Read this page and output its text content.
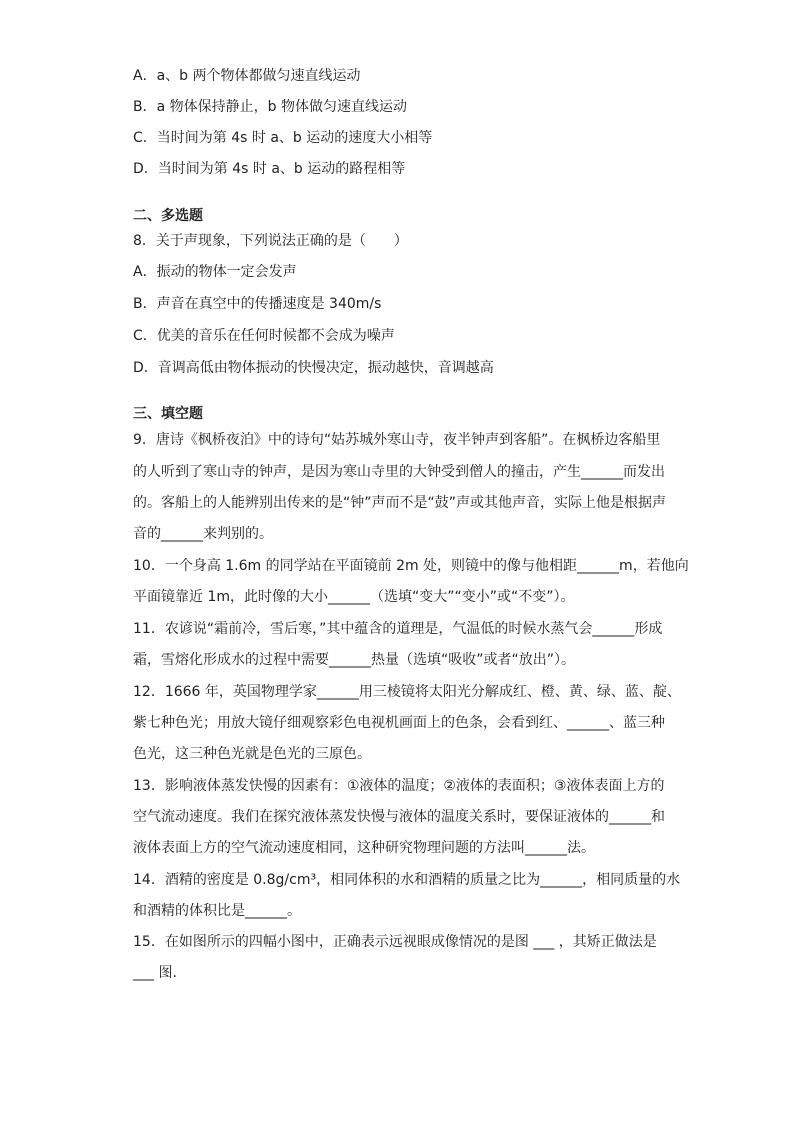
A．a、b 两个物体都做匀速直线运动
B．a 物体保持静止，b 物体做匀速直线运动
C．当时间为第 4s 时 a、b 运动的速度大小相等
D．当时间为第 4s 时 a、b 运动的路程相等
二、多选题
8．关于声现象，下列说法正确的是（　　）
A．振动的物体一定会发声
B．声音在真空中的传播速度是 340m/s
C．优美的音乐在任何时候都不会成为噪声
D．音调高低由物体振动的快慢决定，振动越快，音调越高
三、填空题
9．唐诗《枫桥夜泊》中的诗句“姑苏城外寒山寺，夜半钟声到客船”。在枫桥边客船里
的人听到了寒山寺的钟声，是因为寒山寺里的大钟受到僧人的撞击，产生______而发出
的。客船上的人能辨别出传来的是“钟”声而不是“鼓”声或其他声音，实际上他是根据声
音的______来判别的。
10．一个身高 1.6m 的同学站在平面镜前 2m 处，则镜中的像与他相距______m，若他向
平面镜靠近 1m，此时像的大小______（选填“变大”“变小”或“不变”）。
11．农谚说“霜前冷，雪后寒，”其中蕴含的道理是，气温低的时候水蒸气会______形成
霜，雪熔化形成水的过程中需要______热量（选填“吸收”或者“放出”）。
12．1666 年，英国物理学家______用三棱镜将太阳光分解成红、橙、黄、绿、蓝、靛、
紫七种色光；用放大镜仔细观察彩色电视机画面上的色条，会看到红、______、蓝三种
色光，这三种色光就是色光的三原色。
13．影响液体蒸发快慢的因素有：①液体的温度；②液体的表面积；③液体表面上方的
空气流动速度。我们在探究液体蒸发快慢与液体的温度关系时，要保证液体的______和
液体表面上方的空气流动速度相同，这种研究物理问题的方法叫______法。
14．酒精的密度是 0.8g/cm³，相同体积的水和酒精的质量之比为______，相同质量的水
和酒精的体积比是______。
15．在如图所示的四幅小图中，正确表示远视眼成像情况的是图 ___ ，其矫正做法是
___ 图.
